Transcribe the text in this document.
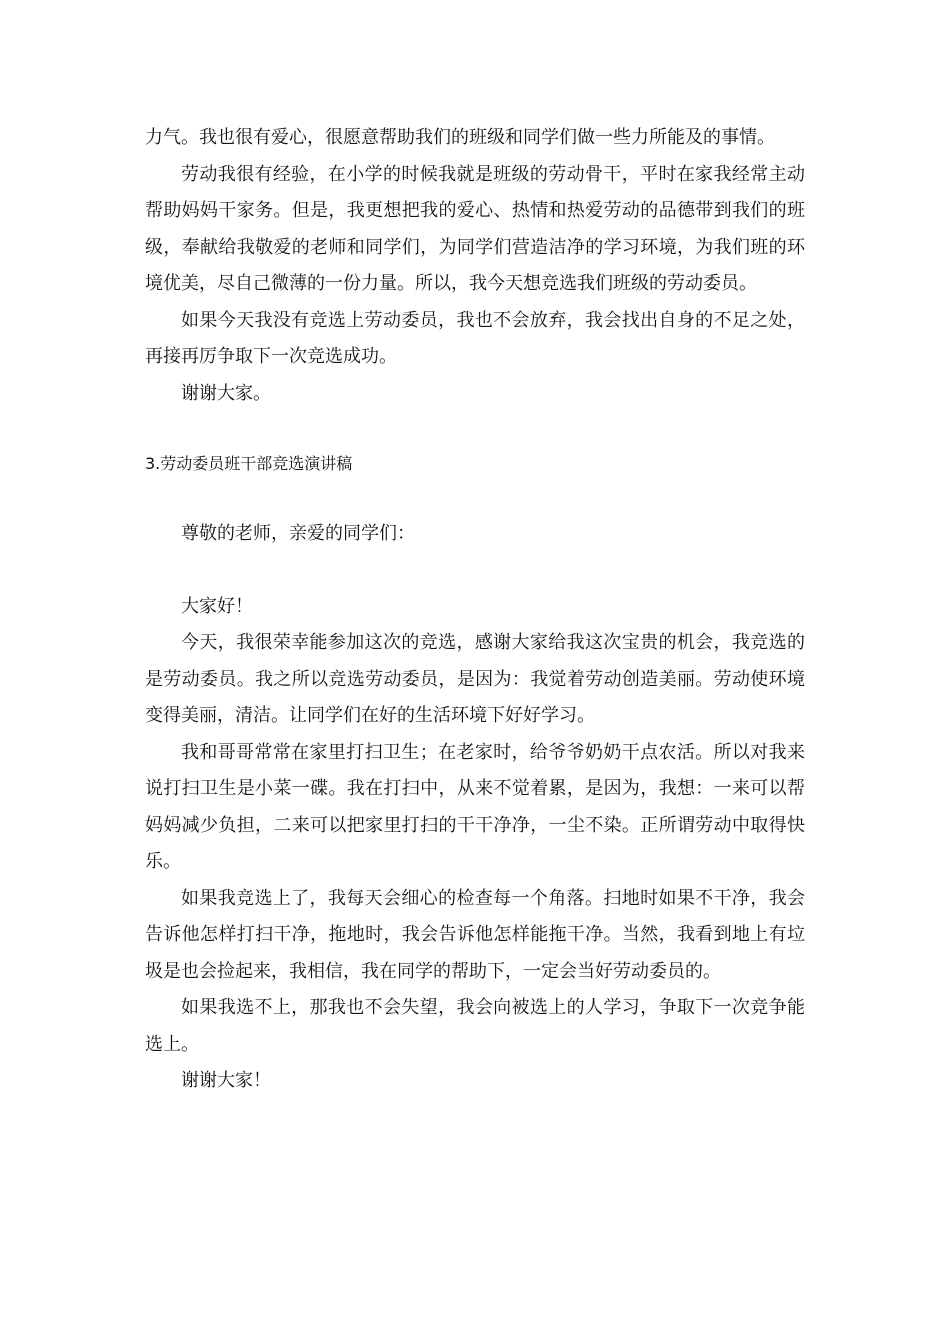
力气。我也很有爱心，很愿意帮助我们的班级和同学们做一些力所能及的事情。

劳动我很有经验，在小学的时候我就是班级的劳动骨干，平时在家我经常主动帮助妈妈干家务。但是，我更想把我的爱心、热情和热爱劳动的品德带到我们的班级，奉献给我敬爱的老师和同学们，为同学们营造洁净的学习环境，为我们班的环境优美，尽自己微薄的一份力量。所以，我今天想竞选我们班级的劳动委员。

如果今天我没有竞选上劳动委员，我也不会放弃，我会找出自身的不足之处，再接再厉争取下一次竞选成功。

谢谢大家。

3.劳动委员班干部竞选演讲稿

尊敬的老师，亲爱的同学们：

大家好！

今天，我很荣幸能参加这次的竞选，感谢大家给我这次宝贵的机会，我竞选的是劳动委员。我之所以竞选劳动委员，是因为：我觉着劳动创造美丽。劳动使环境变得美丽，清洁。让同学们在好的生活环境下好好学习。

我和哥哥常常在家里打扫卫生；在老家时，给爷爷奶奶干点农活。所以对我来说打扫卫生是小菜一碟。我在打扫中，从来不觉着累，是因为，我想：一来可以帮妈妈减少负担，二来可以把家里打扫的干干净净，一尘不染。正所谓劳动中取得快乐。

如果我竞选上了，我每天会细心的检查每一个角落。扫地时如果不干净，我会告诉他怎样打扫干净，拖地时，我会告诉他怎样能拖干净。当然，我看到地上有垃圾是也会捡起来，我相信，我在同学的帮助下，一定会当好劳动委员的。

如果我选不上，那我也不会失望，我会向被选上的人学习，争取下一次竞争能选上。

谢谢大家！
